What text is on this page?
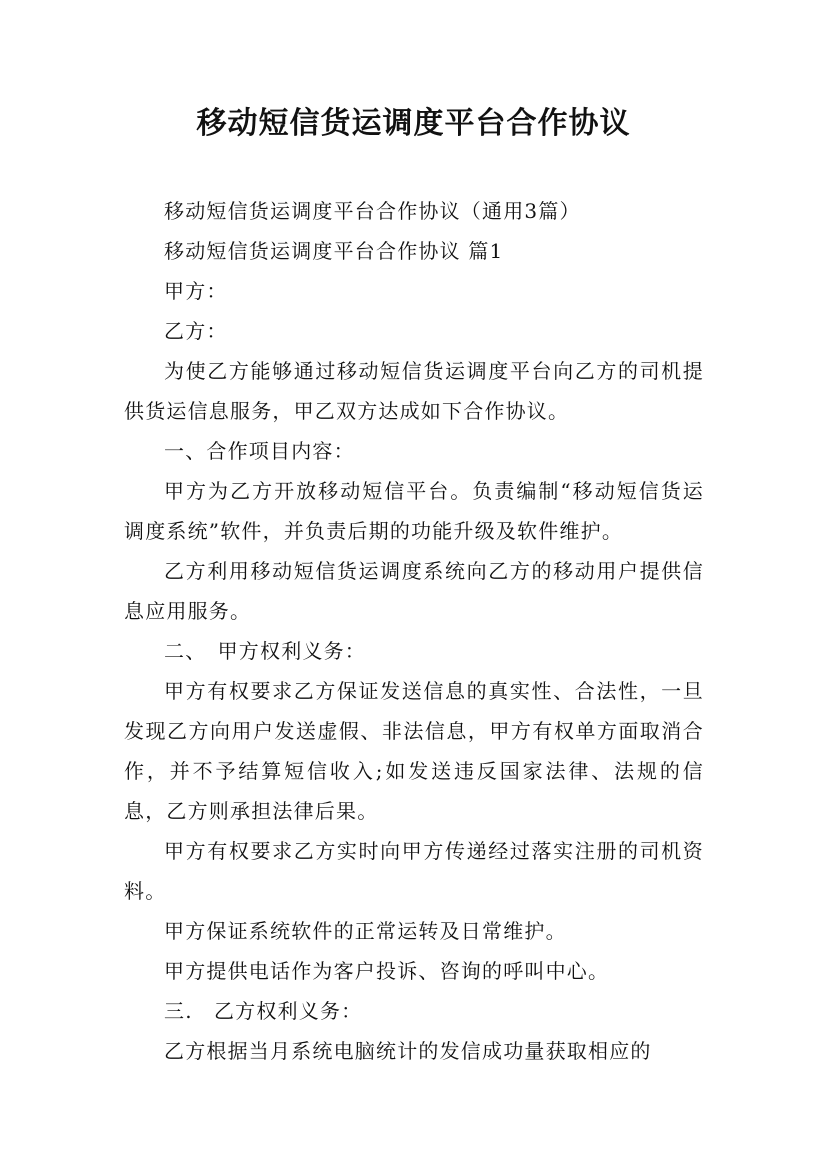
移动短信货运调度平台合作协议

移动短信货运调度平台合作协议（通用3篇）

移动短信货运调度平台合作协议 篇1

甲方：

乙方：

为使乙方能够通过移动短信货运调度平台向乙方的司机提供货运信息服务，甲乙双方达成如下合作协议。

一、合作项目内容：

甲方为乙方开放移动短信平台。负责编制“移动短信货运调度系统”软件，并负责后期的功能升级及软件维护。

乙方利用移动短信货运调度系统向乙方的移动用户提供信息应用服务。

二、　甲方权利义务：

甲方有权要求乙方保证发送信息的真实性、合法性，一旦发现乙方向用户发送虚假、非法信息，甲方有权单方面取消合作，并不予结算短信收入;如发送违反国家法律、法规的信息，乙方则承担法律后果。

甲方有权要求乙方实时向甲方传递经过落实注册的司机资料。

甲方保证系统软件的正常运转及日常维护。

甲方提供电话作为客户投诉、咨询的呼叫中心。

三.　乙方权利义务：

乙方根据当月系统电脑统计的发信成功量获取相应的
